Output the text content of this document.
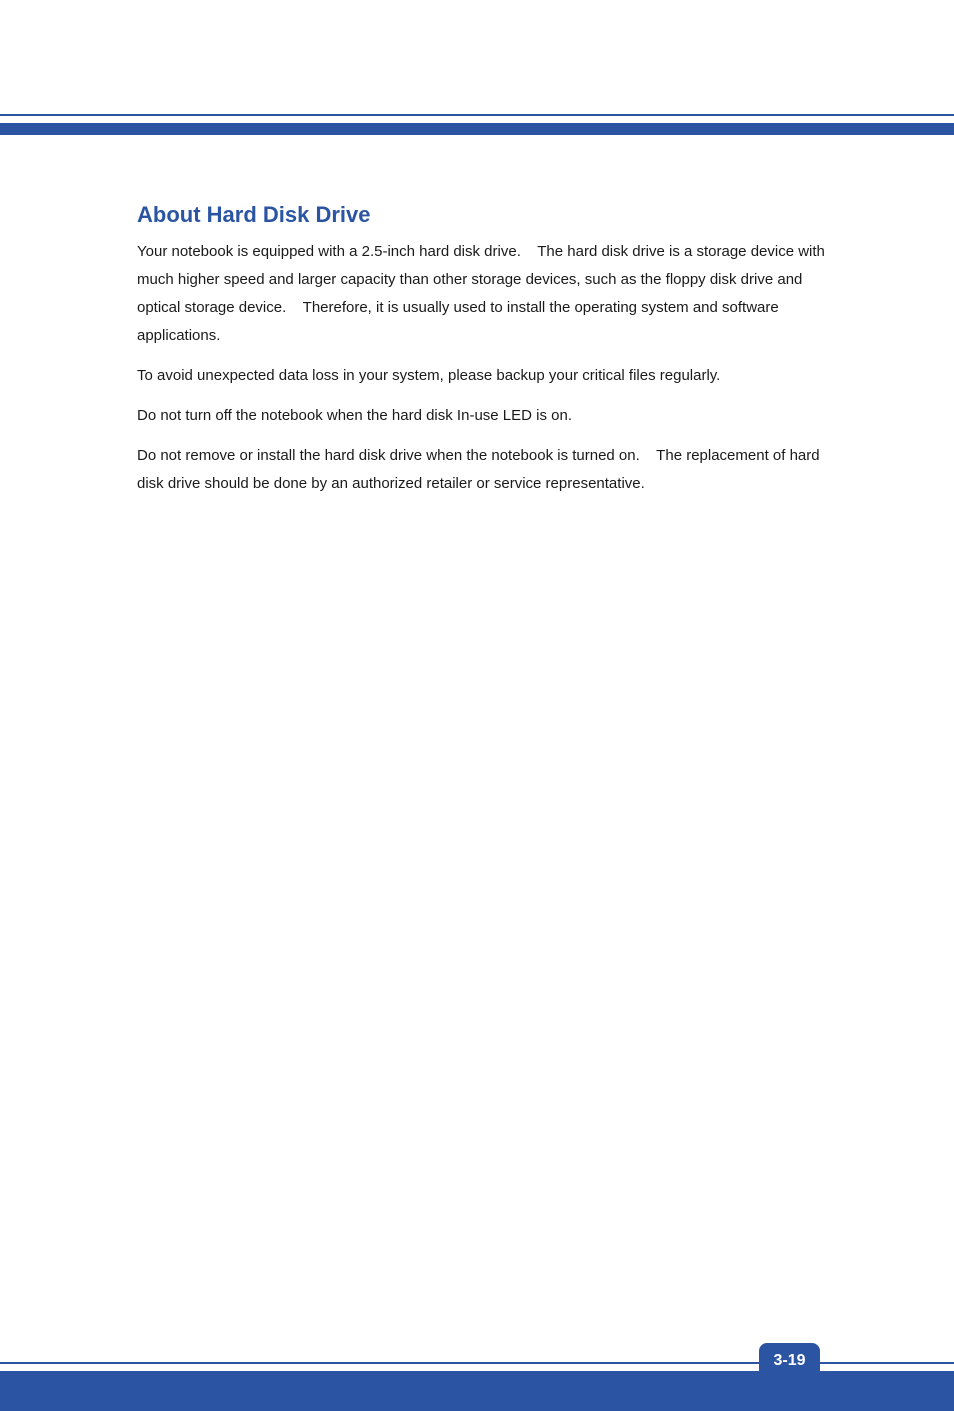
About Hard Disk Drive

Your notebook is equipped with a 2.5-inch hard disk drive.    The hard disk drive is a storage device with much higher speed and larger capacity than other storage devices, such as the floppy disk drive and optical storage device.    Therefore, it is usually used to install the operating system and software applications.

To avoid unexpected data loss in your system, please backup your critical files regularly.

Do not turn off the notebook when the hard disk In-use LED is on.

Do not remove or install the hard disk drive when the notebook is turned on.    The replacement of hard disk drive should be done by an authorized retailer or service representative.

3-19
